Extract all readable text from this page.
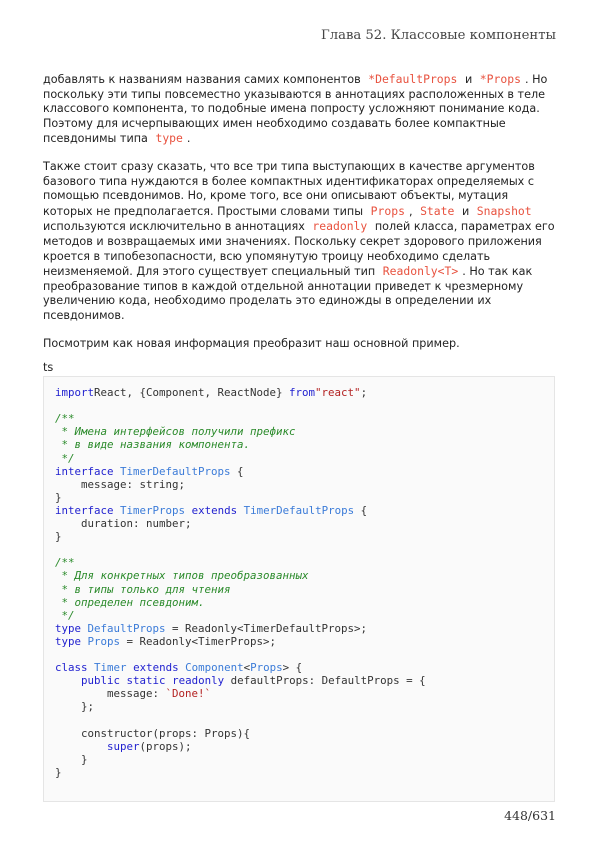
Глава 52. Классовые компоненты

добавлять к названиям названия самих компонентов *DefaultProps и *Props . Но поскольку эти типы повсеместно указываются в аннотациях расположенных в теле классового компонента, то подобные имена попросту усложняют понимание кода. Поэтому для исчерпывающих имен необходимо создавать более компактные псевдонимы типа type .

Также стоит сразу сказать, что все три типа выступающих в качестве аргументов базового типа нуждаются в более компактных идентификаторах определяемых с помощью псевдонимов. Но, кроме того, все они описывают объекты, мутация которых не предполагается. Простыми словами типы Props , State и Snapshot используются исключительно в аннотациях readonly полей класса, параметрах его методов и возвращаемых ими значениях. Поскольку секрет здорового приложения кроется в типобезопасности, всю упомянутую троицу необходимо сделать неизменяемой. Для этого существует специальный тип Readonly<T> . Но так как преобразование типов в каждой отдельной аннотации приведет к чрезмерному увеличению кода, необходимо проделать это единожды в определении их псевдонимов.

Посмотрим как новая информация преобразит наш основной пример.

ts
importReact, {Component, ReactNode} from"react";

/**
* Имена интерфейсов получили префикс
* в виде названия компонента.
*/
interface TimerDefaultProps {
message: string;
}
interface TimerProps extends TimerDefaultProps {
duration: number;
}

/**
* Для конкретных типов преобразованных
* в типы только для чтения
* определен псевдоним.
*/
type DefaultProps = Readonly<TimerDefaultProps>;
type Props = Readonly<TimerProps>;

class Timer extends Component<Props> {
public static readonly defaultProps: DefaultProps = {
message: `Done!`
};

constructor(props: Props){
super(props);
}
}
448/631
